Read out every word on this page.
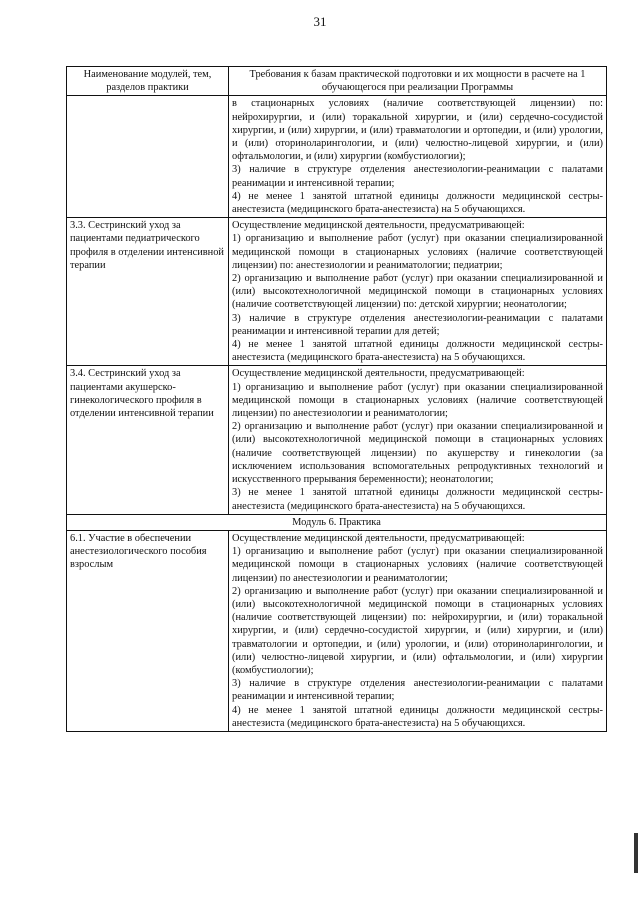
31
Наименование модулей, тем, разделов практики	Требования к базам практической подготовки и их мощности в расчете на 1 обучающегося при реализации Программы

	в стационарных условиях (наличие соответствующей лицензии) по: нейрохирургии, и (или) торакальной хирургии, и (или) сердечно-сосудистой хирургии, и (или) хирургии, и (или) травматологии и ортопедии, и (или) урологии, и (или) оториноларингологии, и (или) челюстно-лицевой хирургии, и (или) офтальмологии, и (или) хирургии (комбустиологии);

3) наличие в структуре отделения анестезиологии-реанимации с палатами реанимации и интенсивной терапии;

4) не менее 1 занятой штатной единицы должности медицинской сестры-анестезиста (медицинского брата-анестезиста) на 5 обучающихся.

3.3. Сестринский уход за пациентами педиатрического профиля в отделении интенсивной терапии	Осуществление медицинской деятельности, предусматривающей:

1) организацию и выполнение работ (услуг) при оказании специализированной медицинской помощи в стационарных условиях (наличие соответствующей лицензии) по: анестезиологии и реаниматологии; педиатрии;

2) организацию и выполнение работ (услуг) при оказании специализированной и (или) высокотехнологичной медицинской помощи в стационарных условиях (наличие соответствующей лицензии) по: детской хирургии; неонатологии;

3) наличие в структуре отделения анестезиологии-реанимации с палатами реанимации и интенсивной терапии для детей;

4) не менее 1 занятой штатной единицы должности медицинской сестры-анестезиста (медицинского брата-анестезиста) на 5 обучающихся.

3.4. Сестринский уход за пациентами акушерско-гинекологического профиля в отделении интенсивной терапии	Осуществление медицинской деятельности, предусматривающей:

1) организацию и выполнение работ (услуг) при оказании специализированной медицинской помощи в стационарных условиях (наличие соответствующей лицензии) по анестезиологии и реаниматологии;

2) организацию и выполнение работ (услуг) при оказании специализированной и (или) высокотехнологичной медицинской помощи в стационарных условиях (наличие соответствующей лицензии) по акушерству и гинекологии (за исключением использования вспомогательных репродуктивных технологий и искусственного прерывания беременности); неонатологии;

3) не менее 1 занятой штатной единицы должности медицинской сестры-анестезиста (медицинского брата-анестезиста) на 5 обучающихся.

Модуль 6. Практика	
6.1. Участие в обеспечении анестезиологического пособия взрослым	Осуществление медицинской деятельности, предусматривающей:

1) организацию и выполнение работ (услуг) при оказании специализированной медицинской помощи в стационарных условиях (наличие соответствующей лицензии) по анестезиологии и реаниматологии;

2) организацию и выполнение работ (услуг) при оказании специализированной и (или) высокотехнологичной медицинской помощи в стационарных условиях (наличие соответствующей лицензии) по: нейрохирургии, и (или) торакальной хирургии, и (или) сердечно-сосудистой хирургии, и (или) хирургии, и (или) травматологии и ортопедии, и (или) урологии, и (или) оториноларингологии, и (или) челюстно-лицевой хирургии, и (или) офтальмологии, и (или) хирургии (комбустиологии);

3) наличие в структуре отделения анестезиологии-реанимации с палатами реанимации и интенсивной терапии;

4) не менее 1 занятой штатной единицы должности медицинской сестры-анестезиста (медицинского брата-анестезиста) на 5 обучающихся.
